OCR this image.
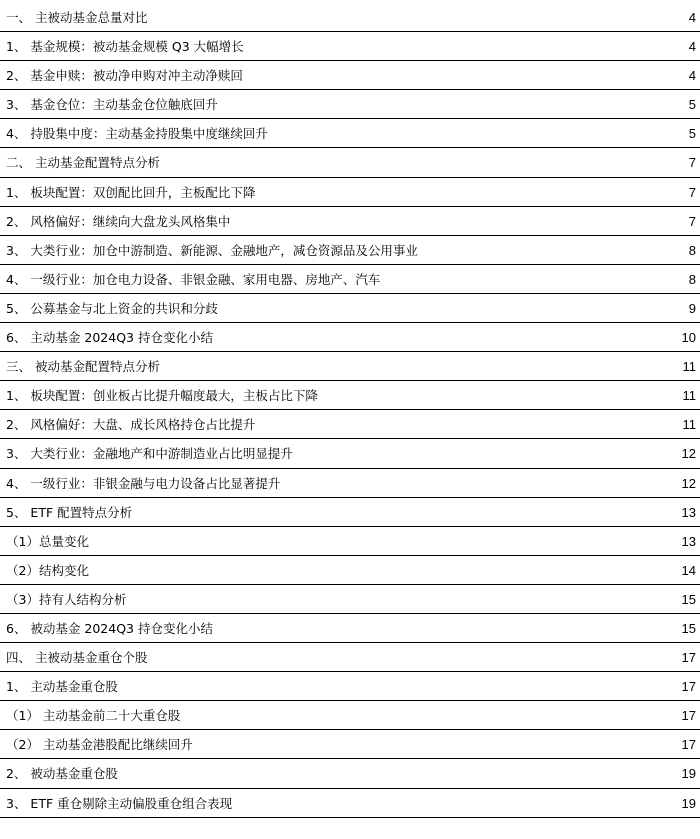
一、 主被动基金总量对比	4
1、 基金规模：被动基金规模 Q3 大幅增长	4
2、 基金申赎：被动净申购对冲主动净赎回	4
3、 基金仓位：主动基金仓位触底回升	5
4、 持股集中度：主动基金持股集中度继续回升	5
二、 主动基金配置特点分析	7
1、 板块配置：双创配比回升，主板配比下降	7
2、 风格偏好：继续向大盘龙头风格集中	7
3、 大类行业：加仓中游制造、新能源、金融地产，减仓资源品及公用事业	8
4、 一级行业：加仓电力设备、非银金融、家用电器、房地产、汽车	8
5、 公募基金与北上资金的共识和分歧	9
6、 主动基金 2024Q3 持仓变化小结	10
三、 被动基金配置特点分析	11
1、 板块配置：创业板占比提升幅度最大，主板占比下降	11
2、 风格偏好：大盘、成长风格持仓占比提升	11
3、 大类行业：金融地产和中游制造业占比明显提升	12
4、 一级行业：非银金融与电力设备占比显著提升	12
5、 ETF 配置特点分析	13
（1）总量变化	13
（2）结构变化	14
（3）持有人结构分析	15
6、 被动基金 2024Q3 持仓变化小结	15
四、 主被动基金重仓个股	17
1、 主动基金重仓股	17
（1） 主动基金前二十大重仓股	17
（2） 主动基金港股配比继续回升	17
2、 被动基金重仓股	19
3、 ETF 重仓剔除主动偏股重仓组合表现	19
